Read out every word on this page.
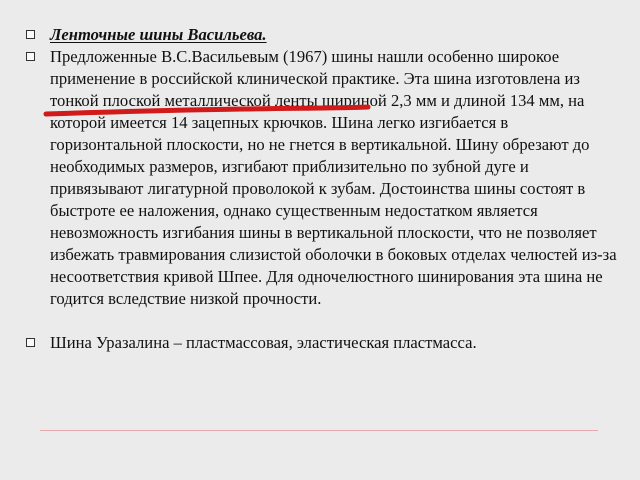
Ленточные шины Васильева.
Предложенные В.С.Васильевым (1967) шины нашли особенно широкое применение в российской клинической практике. Эта шина изготовлена из тонкой плоской металлической ленты шириной 2,3 мм и длиной 134 мм, на которой имеется 14 зацепных крючков. Шина легко изгибается в горизонтальной плоскости, но не гнется в вертикальной. Шину обрезают до необходимых размеров, изгибают приблизительно по зубной дуге и привязывают лигатурной проволокой к зубам. Достоинства шины состоят в быстроте ее наложения, однако существенным недостатком является невозможность изгибания шины в вертикальной плоскости, что не позволяет избежать травмирования слизистой оболочки в боковых отделах челюстей из-за несоответствия кривой Шпее. Для одночелюстного шинирования эта шина не годится вследствие низкой прочности.
Шина Уразалина – пластмассовая, эластическая пластмасса.
